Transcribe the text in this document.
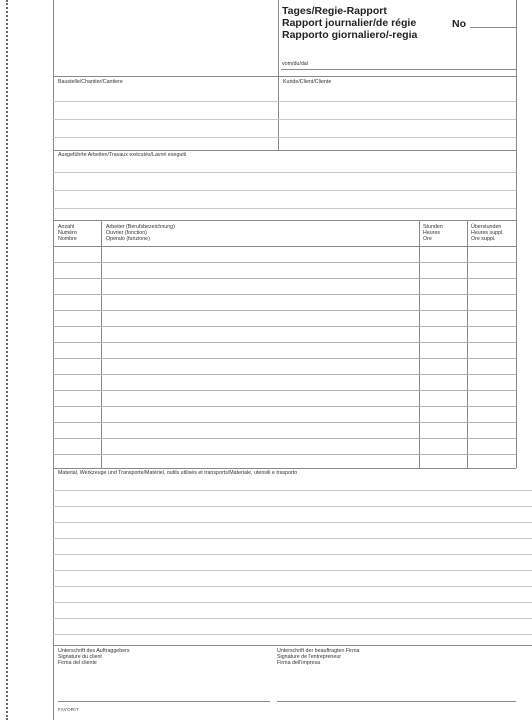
Tages/Regie-Rapport
Rapport journalier/de régie
Rapporto giornaliero/-regia
No
vom/du/dal
Baustelle/Chantier/Cantiere	Kunde/Client/Cliente
Ausgeführte Arbeiten/Travaux exécutés/Lavori eseguiti
Anzahl
Numéro
Nombre
Arbeiter (Berufsbezeichnung)
Ouvrier (fonction)
Operaio (funzione)
Stunden
Heures
Ore
Überstunden
Heures suppl.
Ore suppl.
Material, Werkzeuge und Transporte/Matériel, outils utilisés et transports/Materiale, utensili e trasporto
Unterschrift des Auftraggebers
Signature du client
Firma del cliente
Unterschrift der beauftragten Firma
Signature de l'entrepreneur
Firma dell'impresa
FAVORIT
